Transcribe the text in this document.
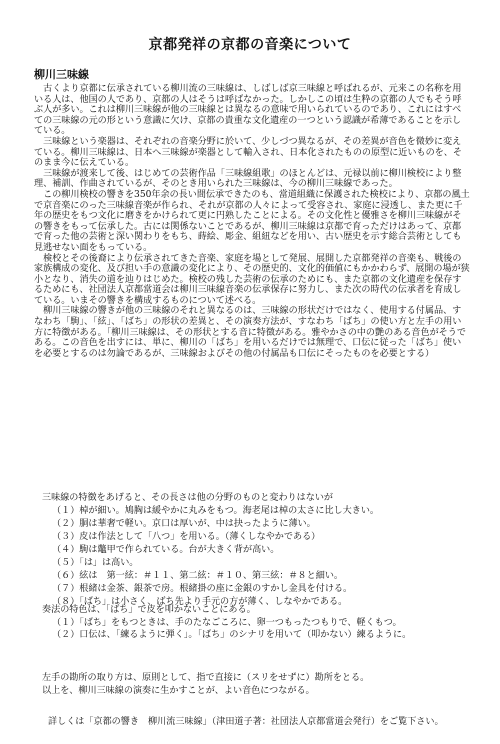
京都発祥の京都の音楽について
柳川三味線

古くより京都に伝承されている柳川流の三味線は、しばしば京三味線と呼ばれるが、元来この名称を用いる人は、他国の人であり、京都の人はそうは呼ばなかった。しかしこの頃は生粋の京都の人でもそう呼ぶ人が多い。これは柳川三味線が他の三味線とは異なるの意味で用いられているのであり、これにはすべての三味線の元の形という意識に欠け、京都の貴重な文化遺産の一つという認識が希薄であることを示している。

三味線という楽器は、それぞれの音楽分野に於いて、少しづつ異なるが、その差異が音色を微妙に変えている。柳川三味線は、日本へ三味線が楽器として輸入され、日本化されたものの原型に近いものを、そのまま今に伝えている。

三味線が渡来して後、はじめての芸術作品「三味線組歌」のほとんどは、元禄以前に柳川検校により整理、補訓、作曲されているが、そのとき用いられた三味線は、今の柳川三味線であった。

この柳川検校の響きを350年余の長い間伝承できたのも、當道組織に保護された検校により、京都の風土で京音楽にのった三味線音楽が作られ、それが京都の人々によって受容され、家庭に浸透し、また更に千年の歴史をもつ文化に磨きをかけられて更に円熟したことによる。その文化性と優雅さを柳川三味線がその響きをもって伝承した。古には関係ないことであるが、柳川三味線は京都で育っただけはあって、京都で育った他の芸術と深い関わりをもち、蒔絵、彫金、組紐などを用い、古い歴史を示す総合芸術としても見逃せない面をもっている。

検校とその後裔により伝承されてきた音楽、家庭を場として発展、展開した京都発祥の音楽も、戦後の家族構成の変化、及び担い手の意識の変化により、その歴史的、文化的価値にもかかわらず、展開の場が狭小となり、消失の道を辿りはじめた。検校の残した芸術の伝承のためにも、また京都の文化遺産を保存するためにも、社団法人京都當道会は柳川三味線音楽の伝承保存に努力し、また次の時代の伝承者を育成している。いまその響きを構成するものについて述べる。

柳川三味線の響きが他の三味線のそれと異なるのは、三味線の形状だけではなく、使用する付属品、すなわち「駒」、「絃」、「ばち」の形状の差異と、その演奏方法が、すなわち「ばち」の使い方と左手の用い方に特徴がある。「柳川三味線は、その形状とする音に特徴がある。雅やかさの中の艶のある音色がそうである。この音色を出すには、単に、柳川の「ばち」を用いるだけでは無理で、口伝に従った「ばち」使いを必要とするのは勿論であるが、三味線およびその他の付属品も口伝にそったものを必要とする）

三味線の特徴をあげると、その長さは他の分野のものと変わりはないが

（１）棹が細い。鳩胸は緩やかに丸みをもつ。海老尾は棹の太さに比し大きい。

（２）胴は華奢で軽い。京口は厚いが、中は抉ったように薄い。

（３）皮は作法として「八つ」を用いる。（薄くしなやかである）

（４）駒は鼈甲で作られている。台が大きく背が高い。

（５）「は」は高い。

（６）絃は　第一絃：＃１１、第二絃：＃１０、第三絃：＃８と細い。

（７）根緒は金茶、銀茶で房。根緒掛の座に金銀のすかし金具を付ける。

（８）「ばち」は小さく、ばち先より手元の方が薄く、しなやかである。

奏法の特色は、「ばち」で皮を叩かないことにある。

（１）「ばち」をもつときは、手のたなごころに、卵一つもったつもりで、軽くもつ。

（２）口伝は、「練るように弾く」。「ばち」のシナリを用いて（叩かない）練るように。

左手の勘所の取り方は、原則として、指で直接に（スリをせずに）勘所をとる。

以上を、柳川三味線の演奏に生かすことが、よい音色につながる。

詳しくは「京都の響き　柳川流三味線」（津田道子著：社団法人京都當道会発行）をご覧下さい。
